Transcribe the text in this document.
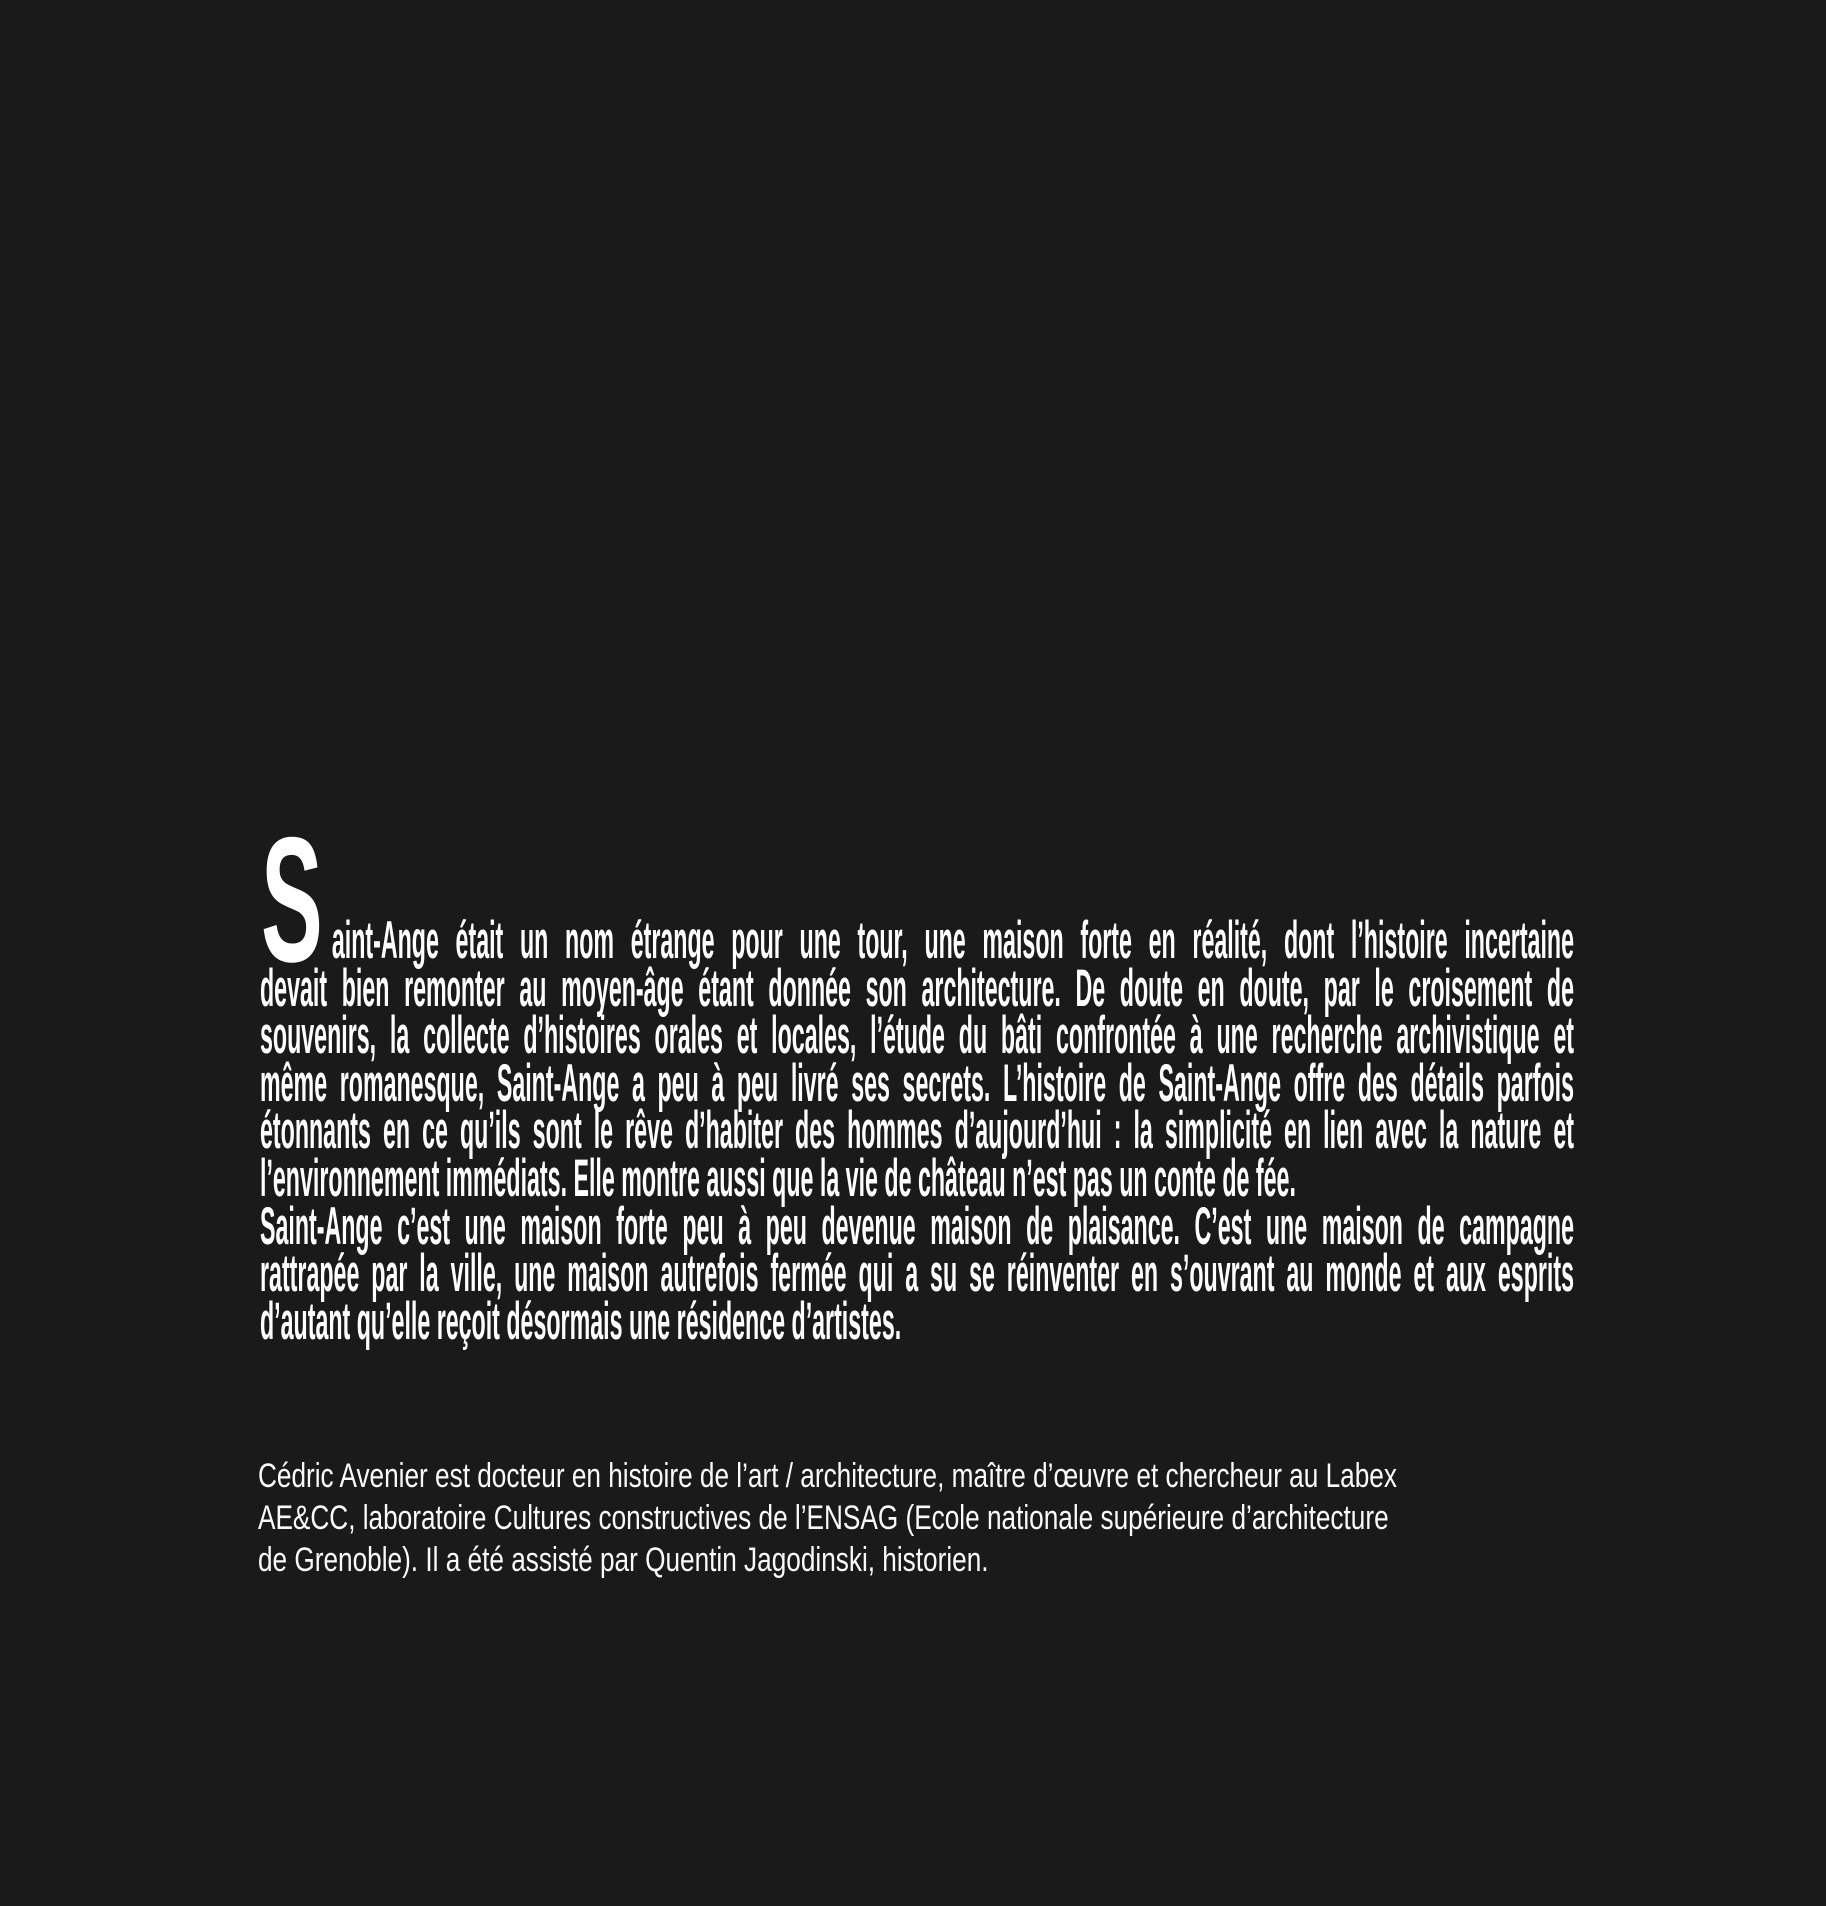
S aint-Ange était un nom étrange pour une tour, une maison forte en réalité, dont l’histoire incertaine
devait bien remonter au moyen-âge étant donnée son architecture. De doute en doute, par le croisement de
souvenirs, la collecte d’histoires orales et locales, l’étude du bâti confrontée à une recherche archivistique et
même romanesque, Saint-Ange a peu à peu livré ses secrets. L’histoire de Saint-Ange offre des détails parfois
étonnants en ce qu’ils sont le rêve d’habiter des hommes d’aujourd’hui : la simplicité en lien avec la nature et
l’environnement immédiats. Elle montre aussi que la vie de château n’est pas un conte de fée.
Saint-Ange c’est une maison forte peu à peu devenue maison de plaisance. C’est une maison de campagne
rattrapée par la ville, une maison autrefois fermée qui a su se réinventer en s’ouvrant au monde et aux esprits
d’autant qu’elle reçoit désormais une résidence d’artistes.
Cédric Avenier est docteur en histoire de l’art / architecture, maître d’œuvre et chercheur au Labex
AE&CC, laboratoire Cultures constructives de l’ENSAG (Ecole nationale supérieure d’architecture
de Grenoble). Il a été assisté par Quentin Jagodinski, historien.
